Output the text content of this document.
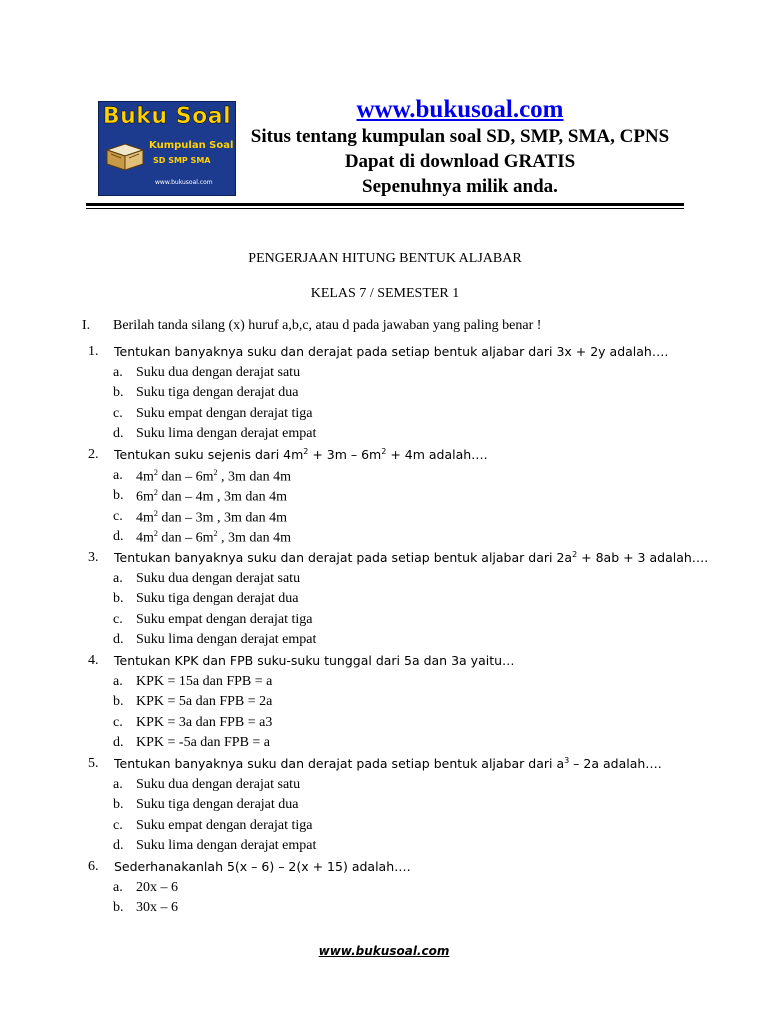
Buku Soal
Kumpulan Soal
SD SMP SMA
www.bukusoal.com
www.bukusoal.com
Situs tentang kumpulan soal SD, SMP, SMA, CPNS
Dapat di download GRATIS
Sepenuhnya milik anda.
PENGERJAAN HITUNG BENTUK ALJABAR
KELAS 7 / SEMESTER 1
I. Berilah tanda silang (x) huruf a,b,c, atau d pada jawaban yang paling benar !
1. Tentukan banyaknya suku dan derajat pada setiap bentuk aljabar dari 3x + 2y adalah….
a. Suku dua dengan derajat satu
b. Suku tiga dengan derajat dua
c. Suku empat dengan derajat tiga
d. Suku lima dengan derajat empat
2. Tentukan suku sejenis dari $4m^2 + 3m - 6m^2 + 4m$ adalah….
a. $4m^2$ dan – $6m^2$ , 3m dan 4m
b. $6m^2$ dan – 4m , 3m dan 4m
c. $4m^2$ dan – 3m , 3m dan 4m
d. $4m^2$ dan – $6m^2$ , 3m dan 4m
3. Tentukan banyaknya suku dan derajat pada setiap bentuk aljabar dari $2a^2 + 8ab + 3$ adalah….
a. Suku dua dengan derajat satu
b. Suku tiga dengan derajat dua
c. Suku empat dengan derajat tiga
d. Suku lima dengan derajat empat
4. Tentukan KPK dan FPB suku-suku tunggal dari 5a dan 3a yaitu…
a. KPK = 15a dan FPB = a
b. KPK = 5a dan FPB = 2a
c. KPK = 3a dan FPB = a3
d. KPK = -5a dan FPB = a
5. Tentukan banyaknya suku dan derajat pada setiap bentuk aljabar dari $a^3 - 2a$ adalah….
a. Suku dua dengan derajat satu
b. Suku tiga dengan derajat dua
c. Suku empat dengan derajat tiga
d. Suku lima dengan derajat empat
6. Sederhanakanlah 5(x – 6) – 2(x + 15) adalah….
a. 20x – 6
b. 30x – 6
www.bukusoal.com
